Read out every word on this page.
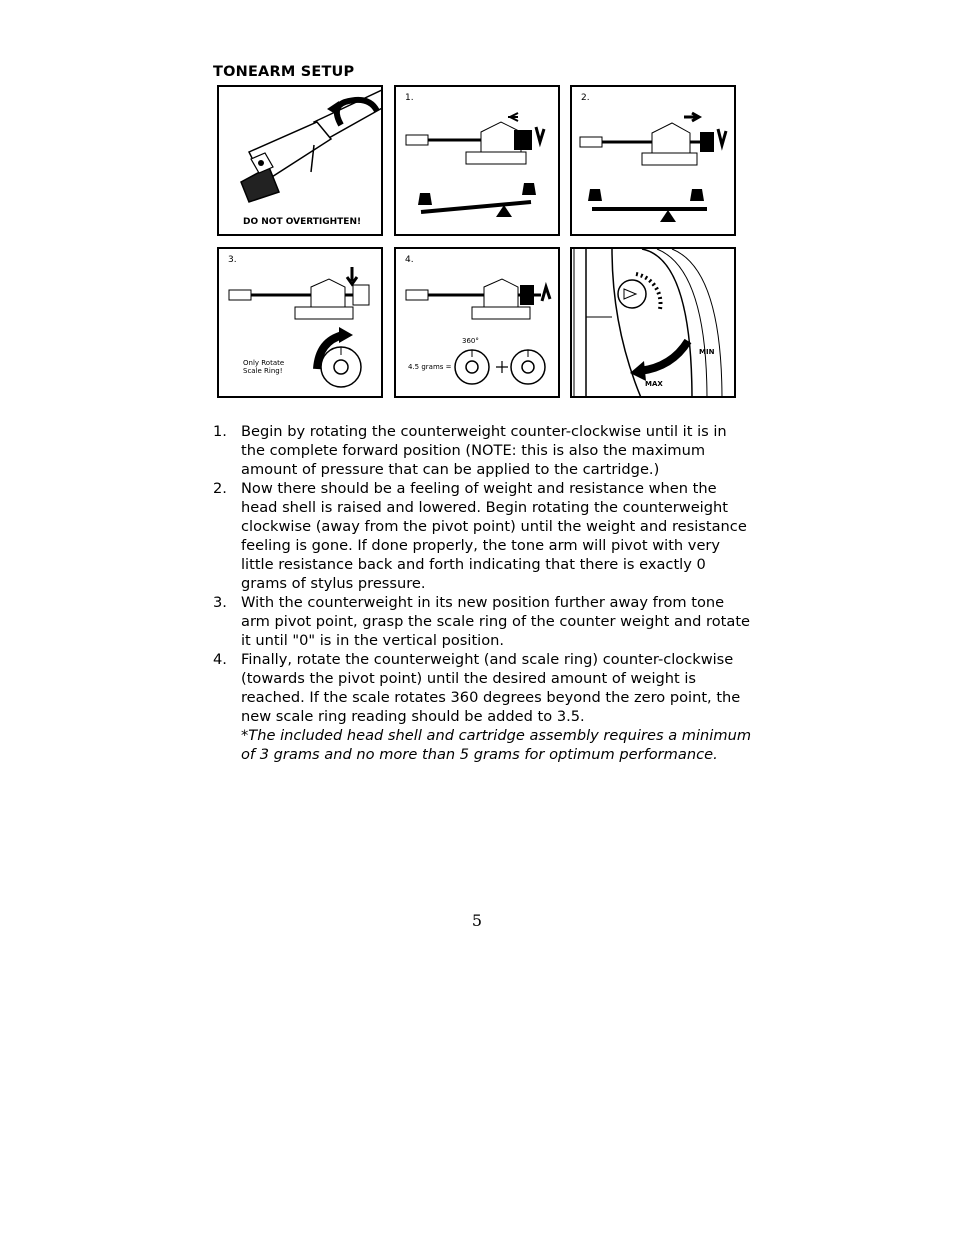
TONEARM SETUP
DO NOT OVERTIGHTEN!
1.	2.
3.
Only Rotate Scale Ring!
4.
360°
4.5 grams =
MIN
MAX
1. Begin by rotating the counterweight counter-clockwise until it is in the complete forward position (NOTE: this is also the maximum amount of pressure that can be applied to the cartridge.)
2. Now there should be a feeling of weight and resistance when the head shell is raised and lowered. Begin rotating the counterweight clockwise (away from the pivot point) until the weight and resistance feeling is gone. If done properly, the tone arm will pivot with very little resistance back and forth indicating that there is exactly 0 grams of stylus pressure.
3. With the counterweight in its new position further away from tone arm pivot point, grasp the scale ring of the counter weight and rotate it until "0" is in the vertical position.
4. Finally, rotate the counterweight (and scale ring) counter-clockwise (towards the pivot point) until the desired amount of weight is reached. If the scale rotates 360 degrees beyond the zero point, the new scale ring reading should be added to 3.5.
*The included head shell and cartridge assembly requires a minimum of 3 grams and no more than 5 grams for optimum performance.
5
